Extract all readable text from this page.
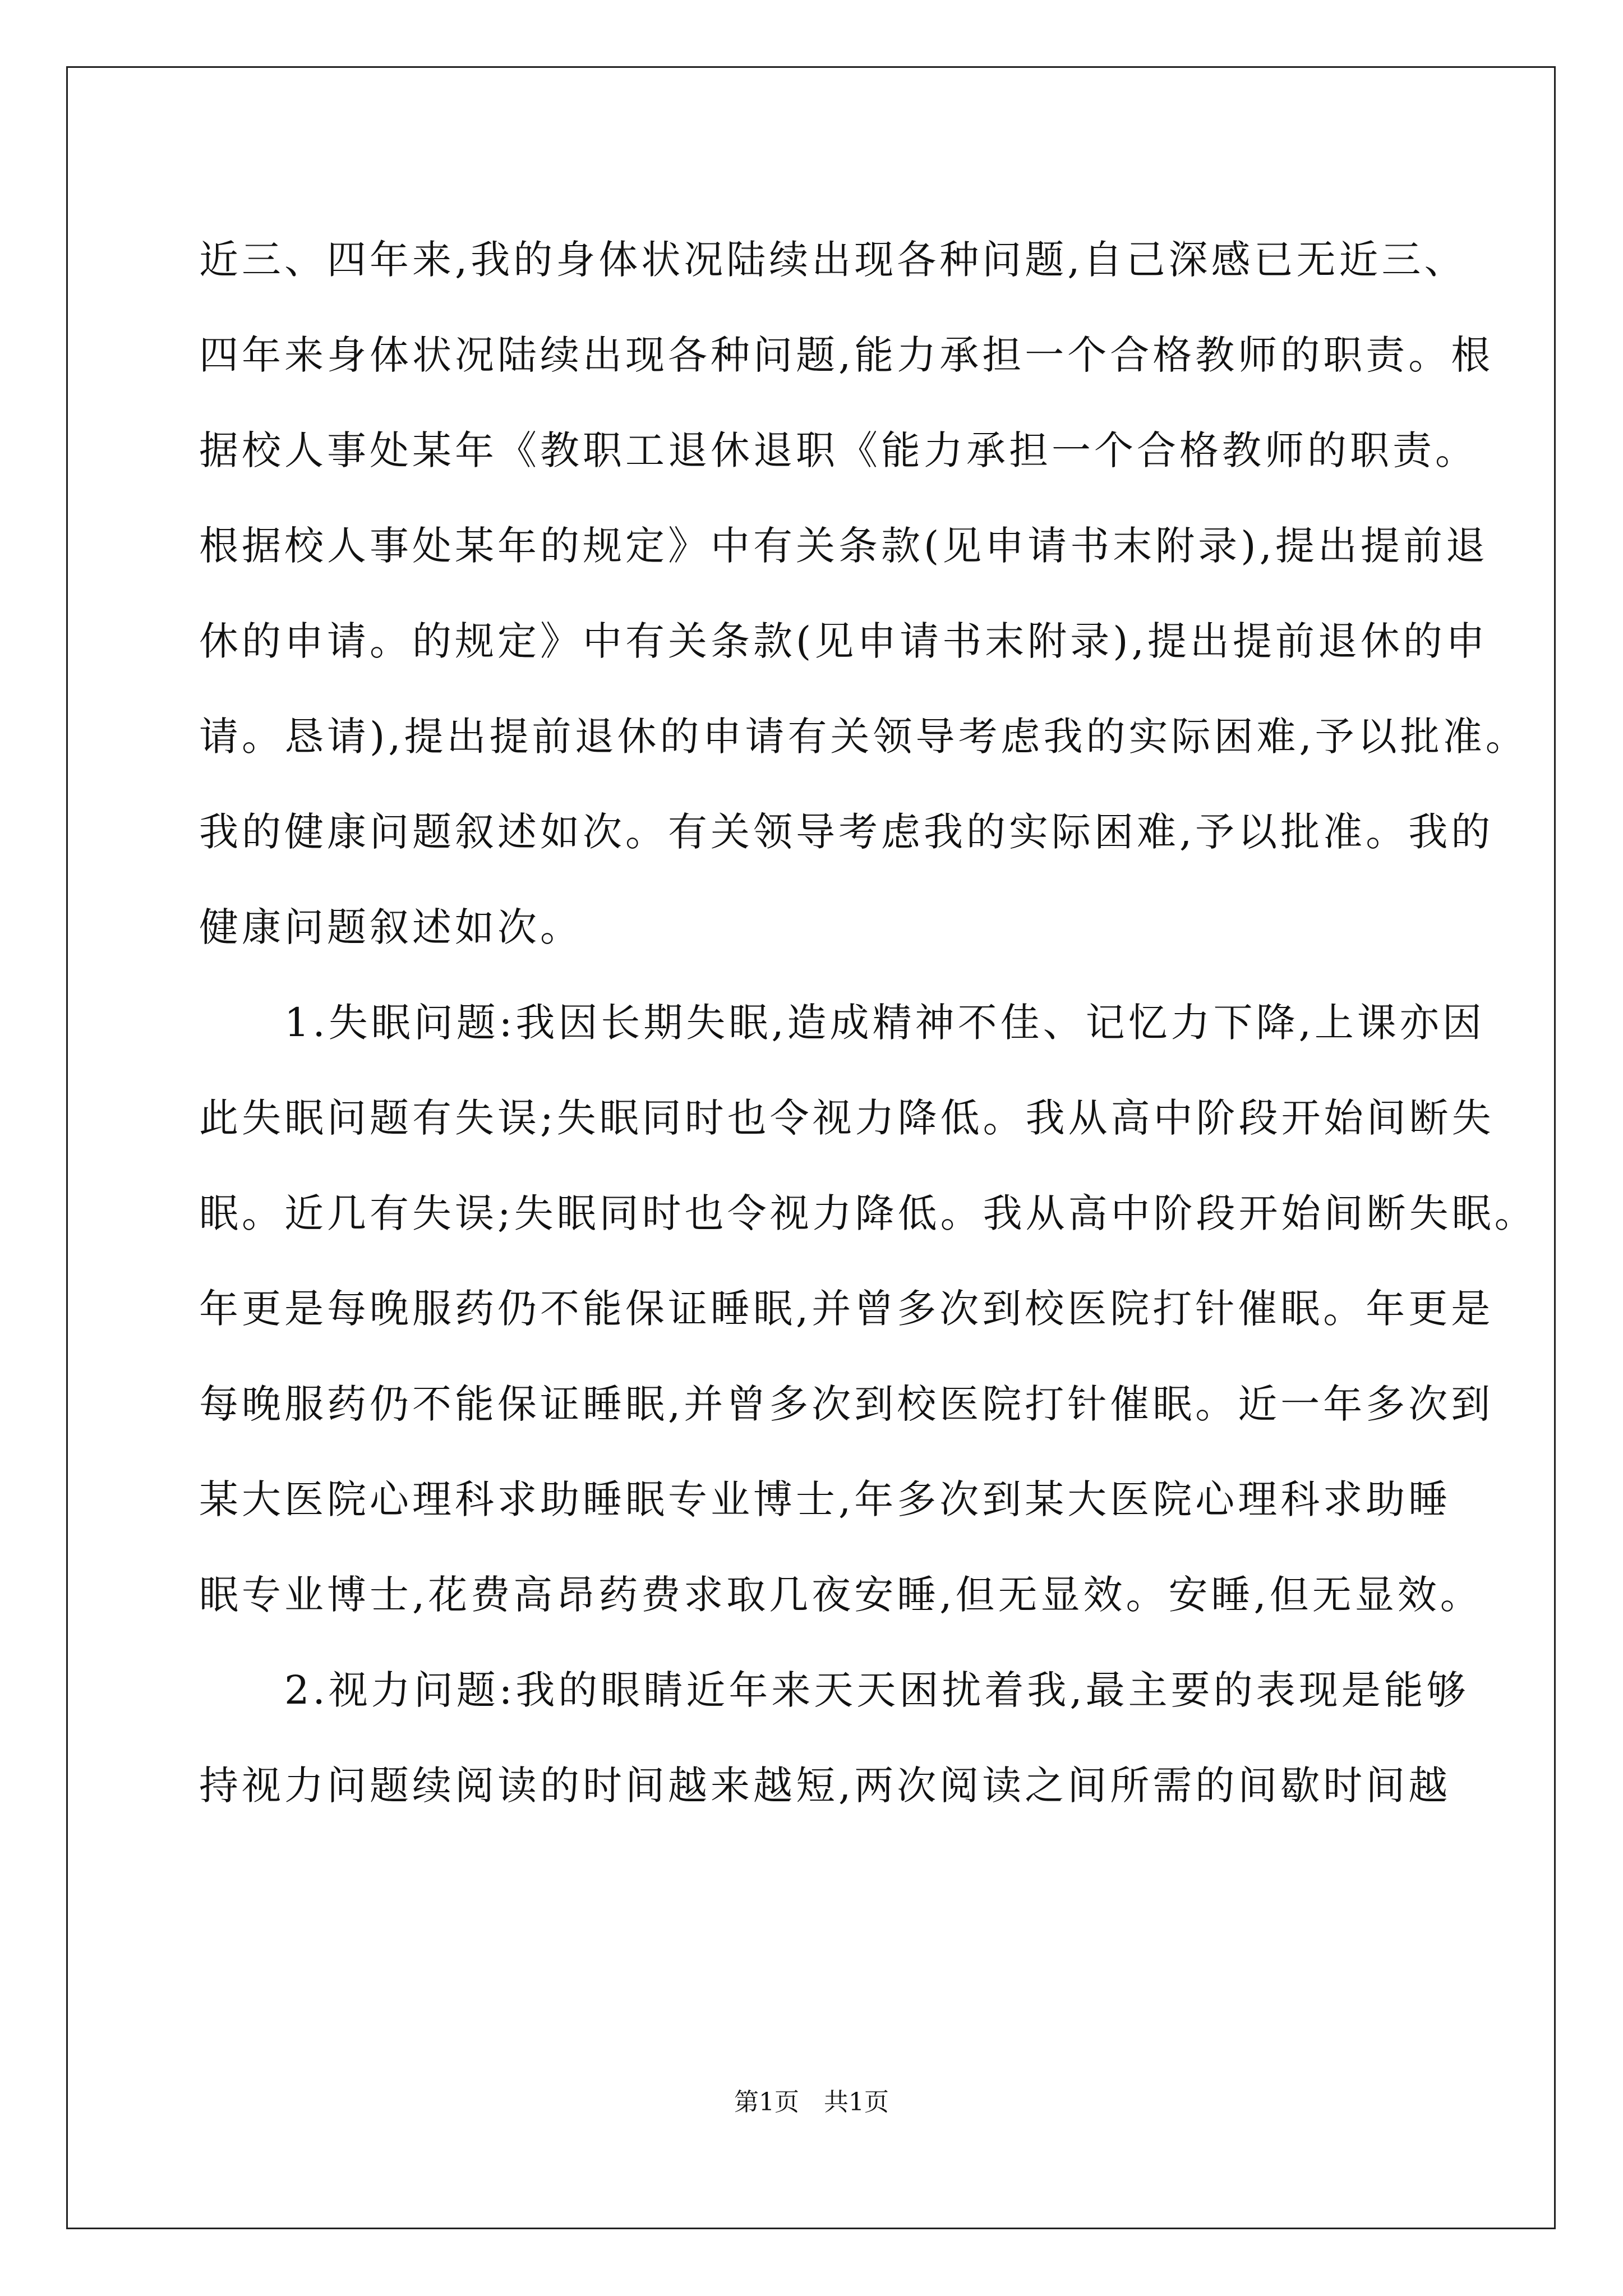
近三、四年来,我的身体状况陆续出现各种问题,自己深感已无近三、
四年来身体状况陆续出现各种问题,能力承担一个合格教师的职责。根
据校人事处某年《教职工退休退职《能力承担一个合格教师的职责。
根据校人事处某年的规定》中有关条款(见申请书末附录),提出提前退
休的申请。的规定》中有关条款(见申请书末附录),提出提前退休的申
请。恳请),提出提前退休的申请有关领导考虑我的实际困难,予以批准。
我的健康问题叙述如次。有关领导考虑我的实际困难,予以批准。我的
健康问题叙述如次。
　　1.失眠问题:我因长期失眠,造成精神不佳、记忆力下降,上课亦因
此失眠问题有失误;失眠同时也令视力降低。我从高中阶段开始间断失
眠。近几有失误;失眠同时也令视力降低。我从高中阶段开始间断失眠。
年更是每晚服药仍不能保证睡眠,并曾多次到校医院打针催眠。年更是
每晚服药仍不能保证睡眠,并曾多次到校医院打针催眠。近一年多次到
某大医院心理科求助睡眠专业博士,年多次到某大医院心理科求助睡
眠专业博士,花费高昂药费求取几夜安睡,但无显效。安睡,但无显效。
　　2.视力问题:我的眼睛近年来天天困扰着我,最主要的表现是能够
持视力问题续阅读的时间越来越短,两次阅读之间所需的间歇时间越
第1页　共1页
